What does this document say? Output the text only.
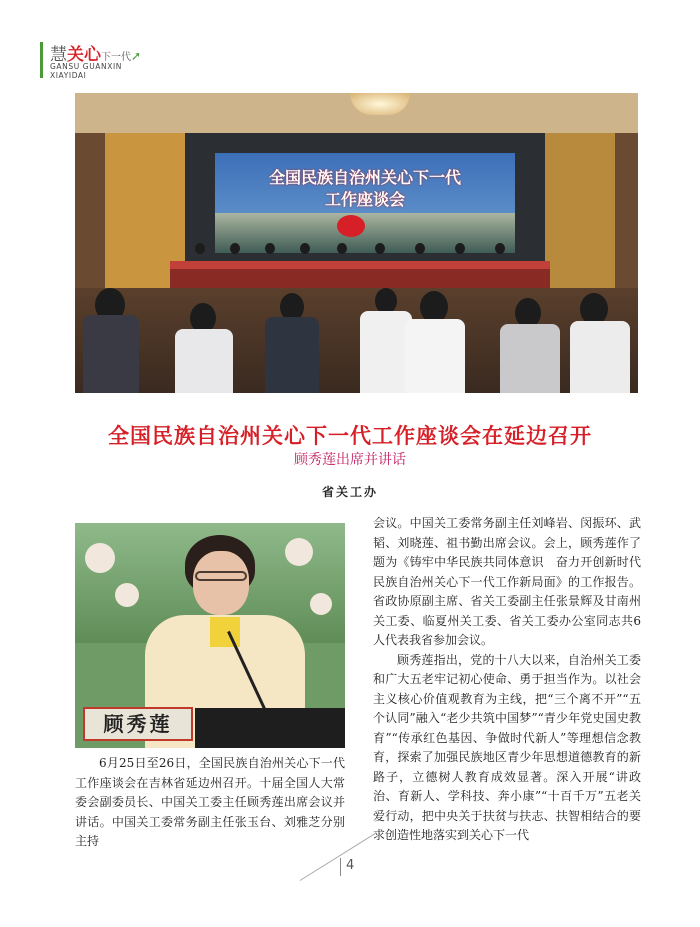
慧关心下一代➚
GANSU GUANXIN
XIAYIDAI
全国民族自治州关心下一代
工作座谈会
全国民族自治州关心下一代工作座谈会在延边召开
顾秀莲出席并讲话
省关工办
顾秀莲

会议。中国关工委常务副主任刘峰岩、闵振环、武韬、刘晓莲、祖书勤出席会议。会上，顾秀莲作了题为《铸牢中华民族共同体意识　奋力开创新时代民族自治州关心下一代工作新局面》的工作报告。省政协原副主席、省关工委副主任张景辉及甘南州关工委、临夏州关工委、省关工委办公室同志共6人代表我省参加会议。

顾秀莲指出，党的十八大以来，自治州关工委和广大五老牢记初心使命、勇于担当作为。以社会主义核心价值观教育为主线，把“三个离不开”“五个认同”融入“老少共筑中国梦”“青少年党史国史教育”“传承红色基因、争做时代新人”等理想信念教育，探索了加强民族地区青少年思想道德教育的新路子，立德树人教育成效显著。深入开展“讲政治、育新人、学科技、奔小康”“十百千万”五老关爱行动，把中央关于扶贫与扶志、扶智相结合的要求创造性地落实到关心下一代

6月25日至26日，全国民族自治州关心下一代工作座谈会在吉林省延边州召开。十届全国人大常委会副委员长、中国关工委主任顾秀莲出席会议并讲话。中国关工委常务副主任张玉台、刘雅芝分别主持

4
